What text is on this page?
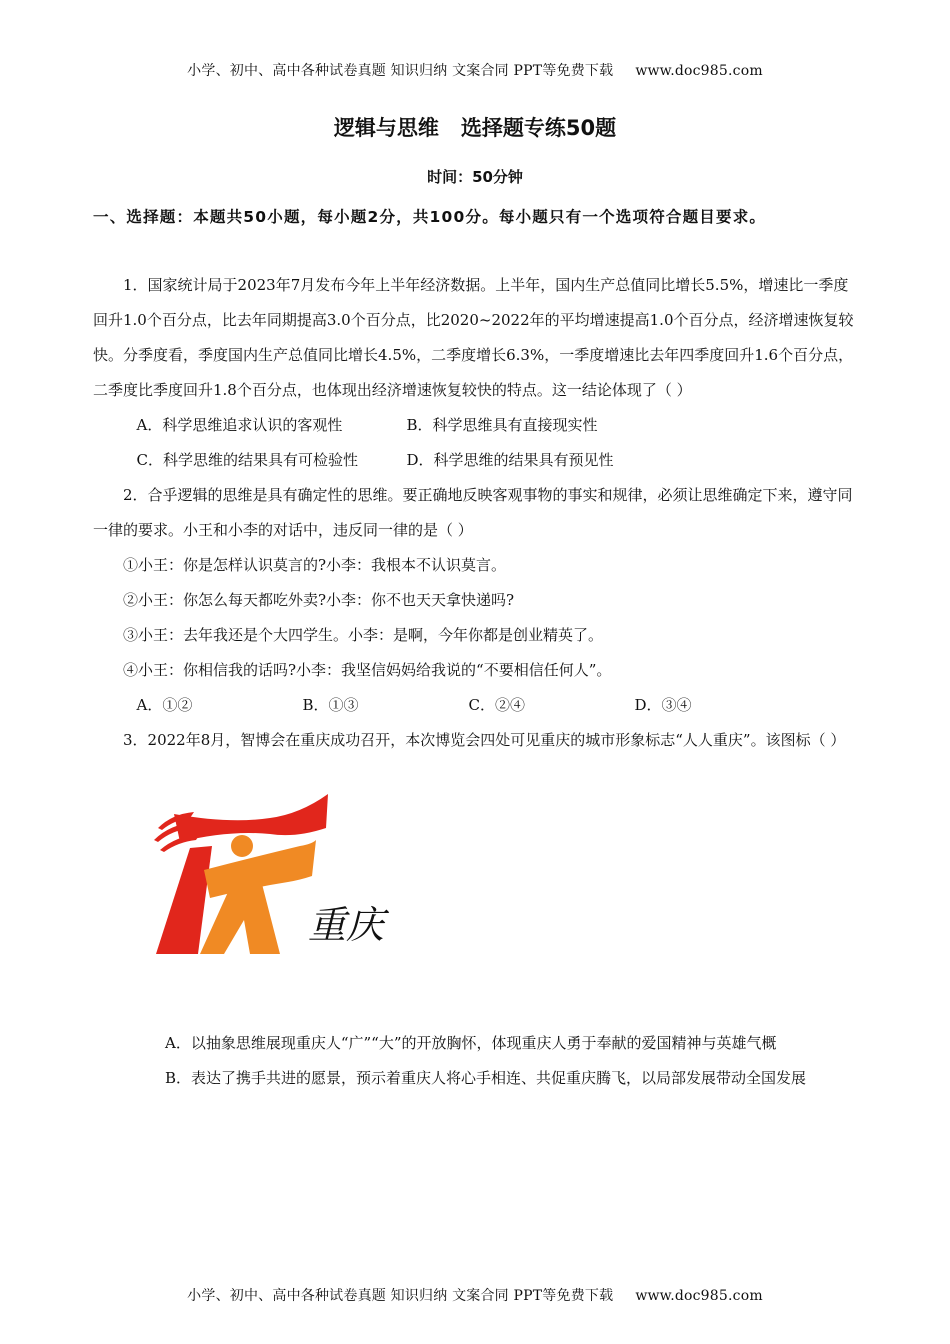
小学、初中、高中各种试卷真题 知识归纳 文案合同 PPT等免费下载 www.doc985.com
逻辑与思维 选择题专练50题
时间：50分钟
一、选择题：本题共50小题，每小题2分，共100分。每小题只有一个选项符合题目要求。

1．国家统计局于2023年7月发布今年上半年经济数据。上半年，国内生产总值同比增长5.5%，增速比一季度回升1.0个百分点，比去年同期提高3.0个百分点，比2020~2022年的平均增速提高1.0个百分点，经济增速恢复较快。分季度看，季度国内生产总值同比增长4.5%，二季度增长6.3%，一季度增速比去年四季度回升1.6个百分点，二季度比季度回升1.8个百分点，也体现出经济增速恢复较快的特点。这一结论体现了（ ）

A．科学思维追求认识的客观性	B．科学思维具有直接现实性
C．科学思维的结果具有可检验性	D．科学思维的结果具有预见性

2．合乎逻辑的思维是具有确定性的思维。要正确地反映客观事物的事实和规律，必须让思维确定下来，遵守同一律的要求。小王和小李的对话中，违反同一律的是（ ）

①小王：你是怎样认识莫言的?小李：我根本不认识莫言。

②小王：你怎么每天都吃外卖?小李：你不也天天拿快递吗?

③小王：去年我还是个大四学生。小李：是啊，今年你都是创业精英了。

④小王：你相信我的话吗?小李：我坚信妈妈给我说的“不要相信任何人”。

A．①②	B．①③	C．②④	D．③④

3．2022年8月，智博会在重庆成功召开，本次博览会四处可见重庆的城市形象标志“人人重庆”。该图标（ ）

重庆

A．以抽象思维展现重庆人“广”“大”的开放胸怀，体现重庆人勇于奉献的爱国精神与英雄气概

B．表达了携手共进的愿景，预示着重庆人将心手相连、共促重庆腾飞，以局部发展带动全国发展

小学、初中、高中各种试卷真题 知识归纳 文案合同 PPT等免费下载 www.doc985.com
